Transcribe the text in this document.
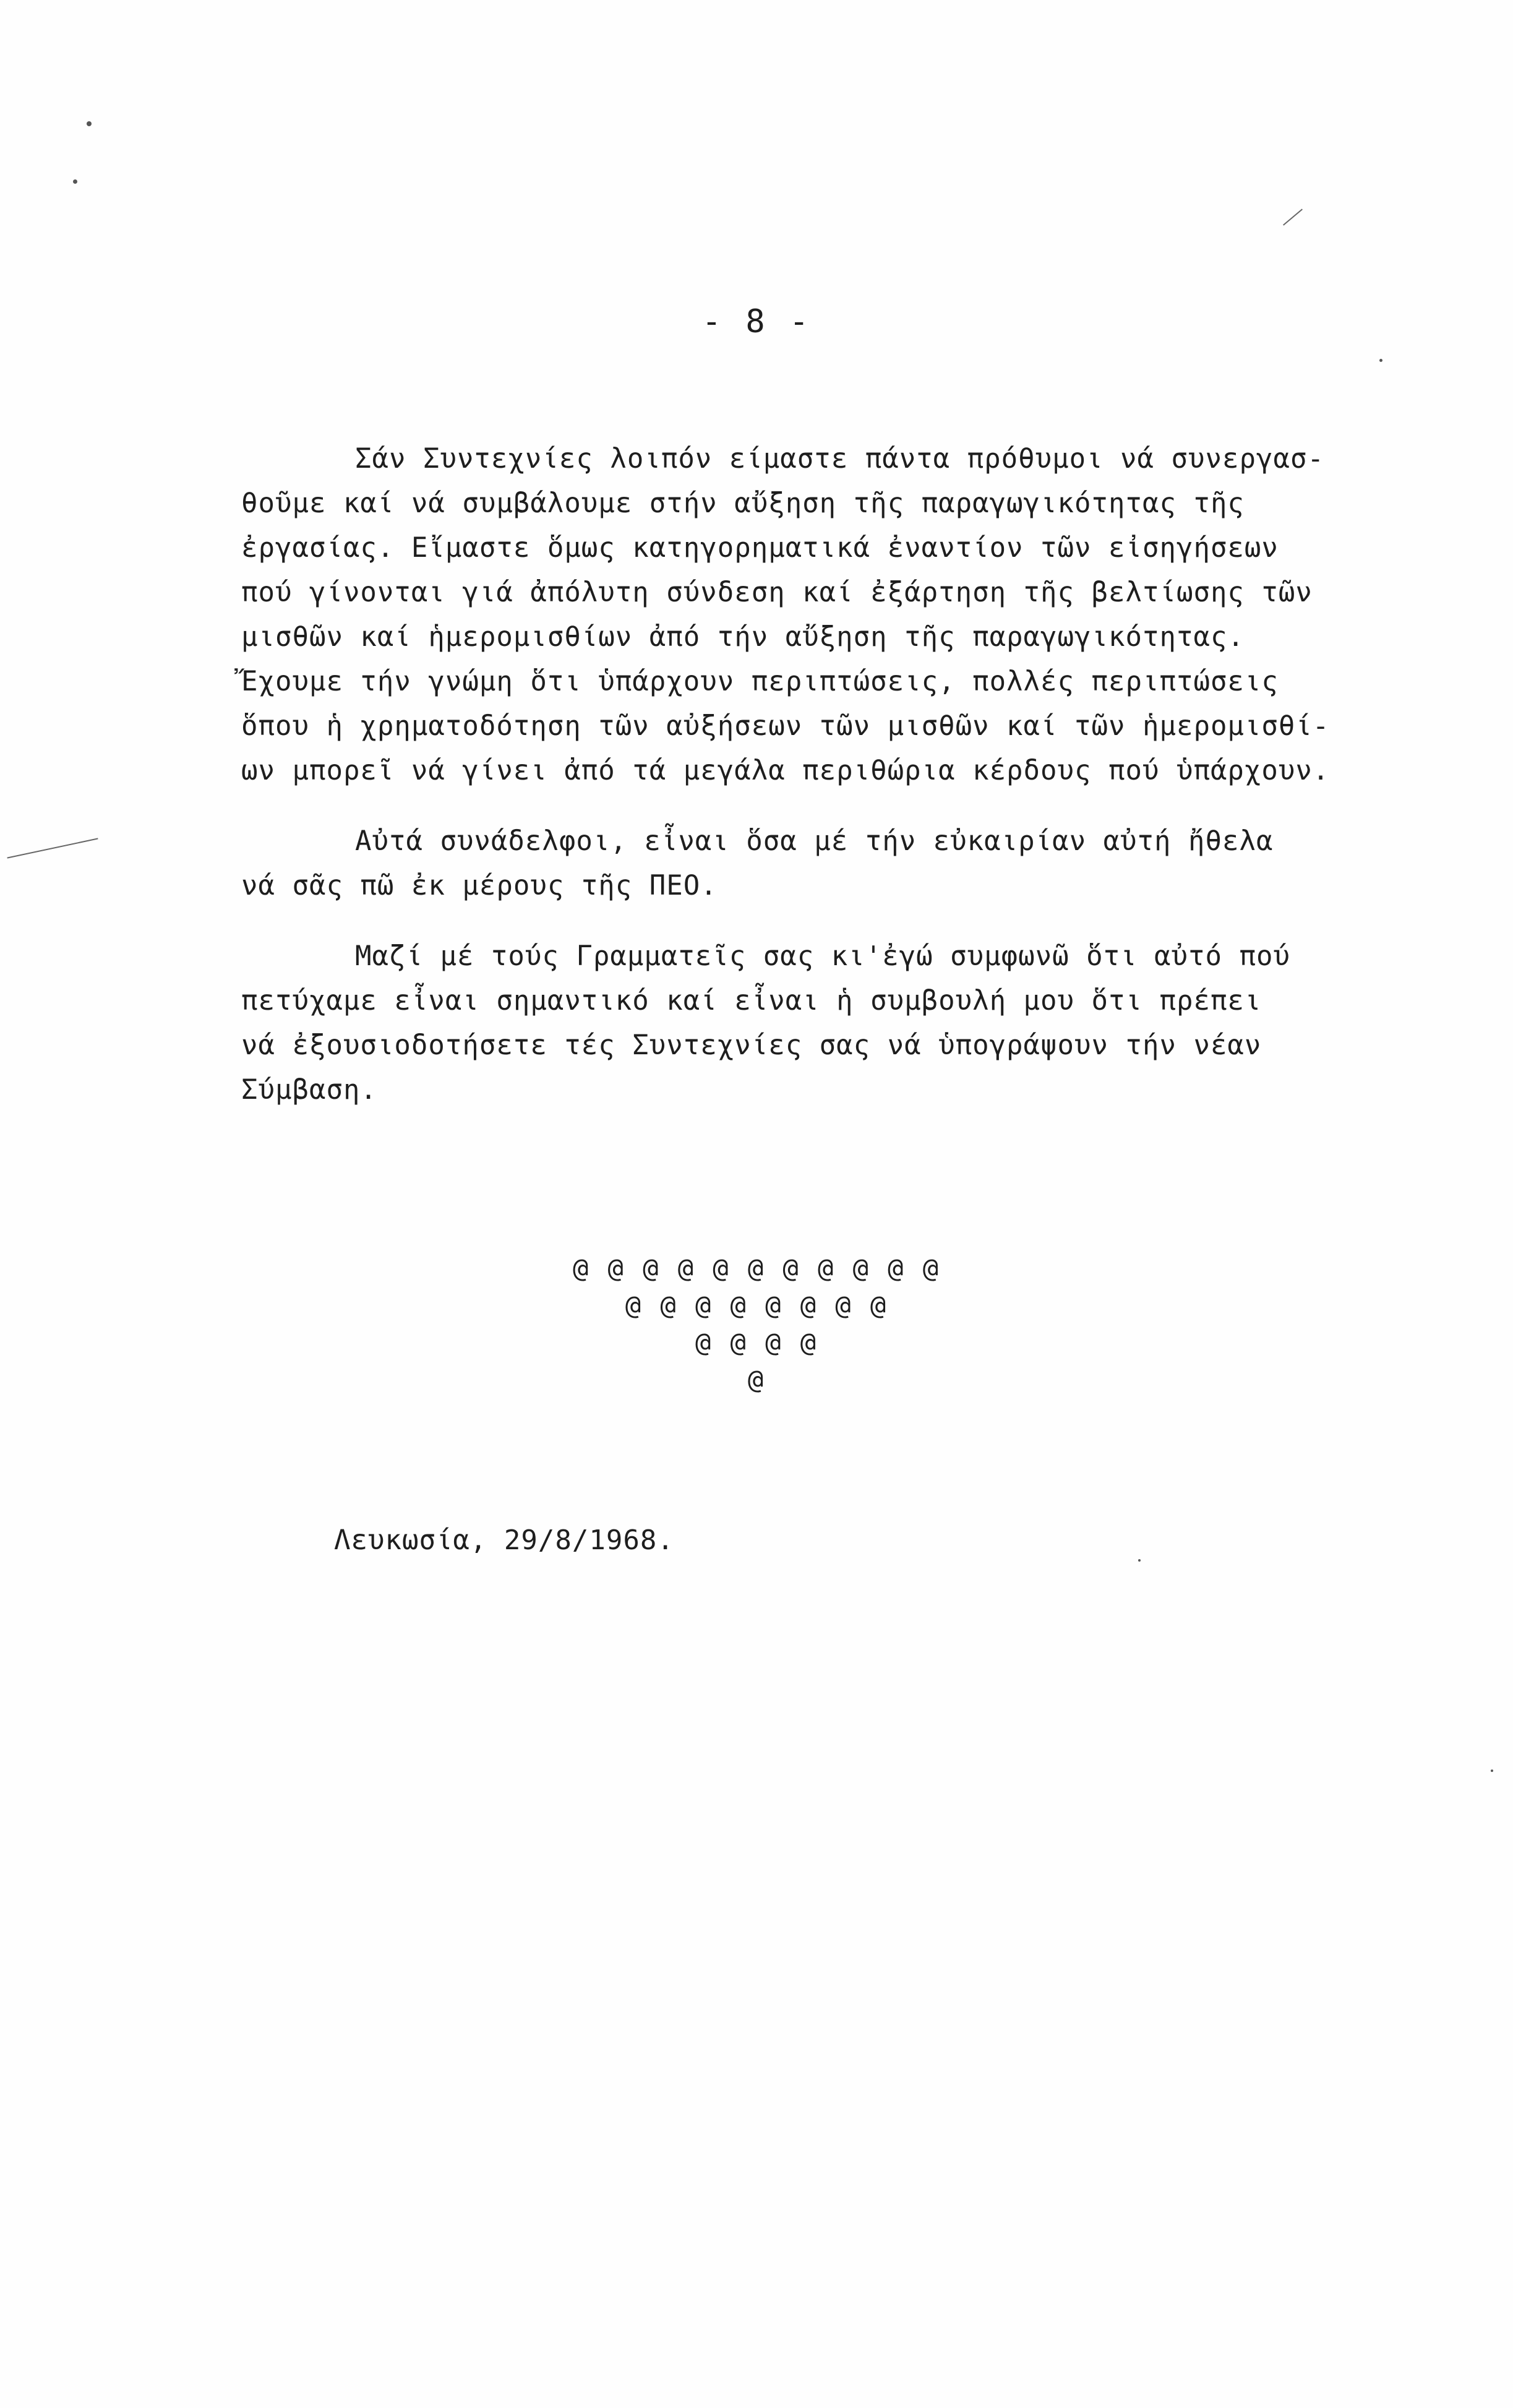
- 8 -
Σάν Συντεχνίες λοιπόν είμαστε πάντα πρόθυμοι νά συνεργασ-
θοῦμε καί νά συμβάλουμε στήν αὔξηση τῆς παραγωγικότητας τῆς
ἐργασίας. Εἴμαστε ὅμως κατηγορηματικά ἐναντίον τῶν εἰσηγήσεων
πού γίνονται γιά ἀπόλυτη σύνδεση καί ἐξάρτηση τῆς βελτίωσης τῶν
μισθῶν καί ἡμερομισθίων ἀπό τήν αὔξηση τῆς παραγωγικότητας.
Ἔχουμε τήν γνώμη ὅτι ὑπάρχουν περιπτώσεις, πολλές περιπτώσεις
ὅπου ἡ χρηματοδότηση τῶν αὐξήσεων τῶν μισθῶν καί τῶν ἡμερομισθί-
ων μπορεῖ νά γίνει ἀπό τά μεγάλα περιθώρια κέρδους πού ὑπάρχουν.
Αὐτά συνάδελφοι, εἶναι ὅσα μέ τήν εὐκαιρίαν αὐτή ἤθελα
νά σᾶς πῶ ἐκ μέρους τῆς ΠΕΟ.
Μαζί μέ τούς Γραμματεῖς σας κι'ἐγώ συμφωνῶ ὅτι αὐτό πού
πετύχαμε εἶναι σημαντικό καί εἶναι ἡ συμβουλή μου ὅτι πρέπει
νά ἐξουσιοδοτήσετε τές Συντεχνίες σας νά ὑπογράψουν τήν νέαν
Σύμβαση.
@ @ @ @ @ @ @ @ @ @ @
@ @ @ @ @ @ @ @
@ @ @ @
@
Λευκωσία, 29/8/1968.
